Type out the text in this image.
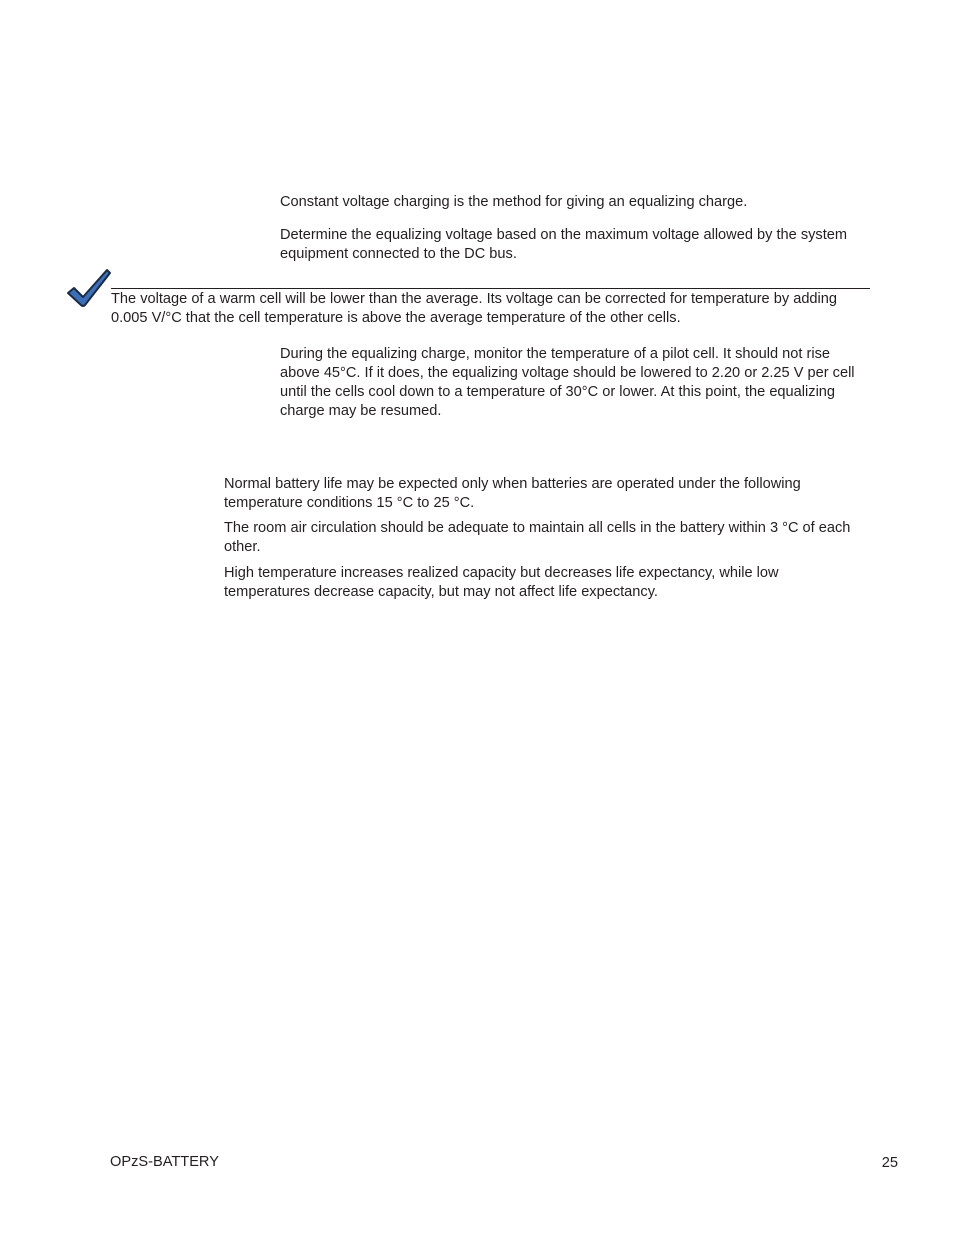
Constant voltage charging is the method for giving an equalizing charge.

Determine the equalizing voltage based on the maximum voltage allowed by the system equipment connected to the DC bus.

The voltage of a warm cell will be lower than the average. Its voltage can be corrected for temperature by adding 0.005 V/°C that the cell temperature is above the average temperature of the other cells.

During the equalizing charge, monitor the temperature of a pilot cell. It should not rise above 45°C. If it does, the equalizing voltage should be lowered to 2.20 or 2.25 V per cell until the cells cool down to a temperature of 30°C or lower. At this point, the equalizing charge may be resumed.

Normal battery life may be expected only when batteries are operated under the following temperature conditions 15 °C to 25 °C.

The room air circulation should be adequate to maintain all cells in the battery within 3 °C of each other.

High temperature increases realized capacity but decreases life expectancy, while low temperatures decrease capacity, but may not affect life expectancy.

OPzS-BATTERY	25
